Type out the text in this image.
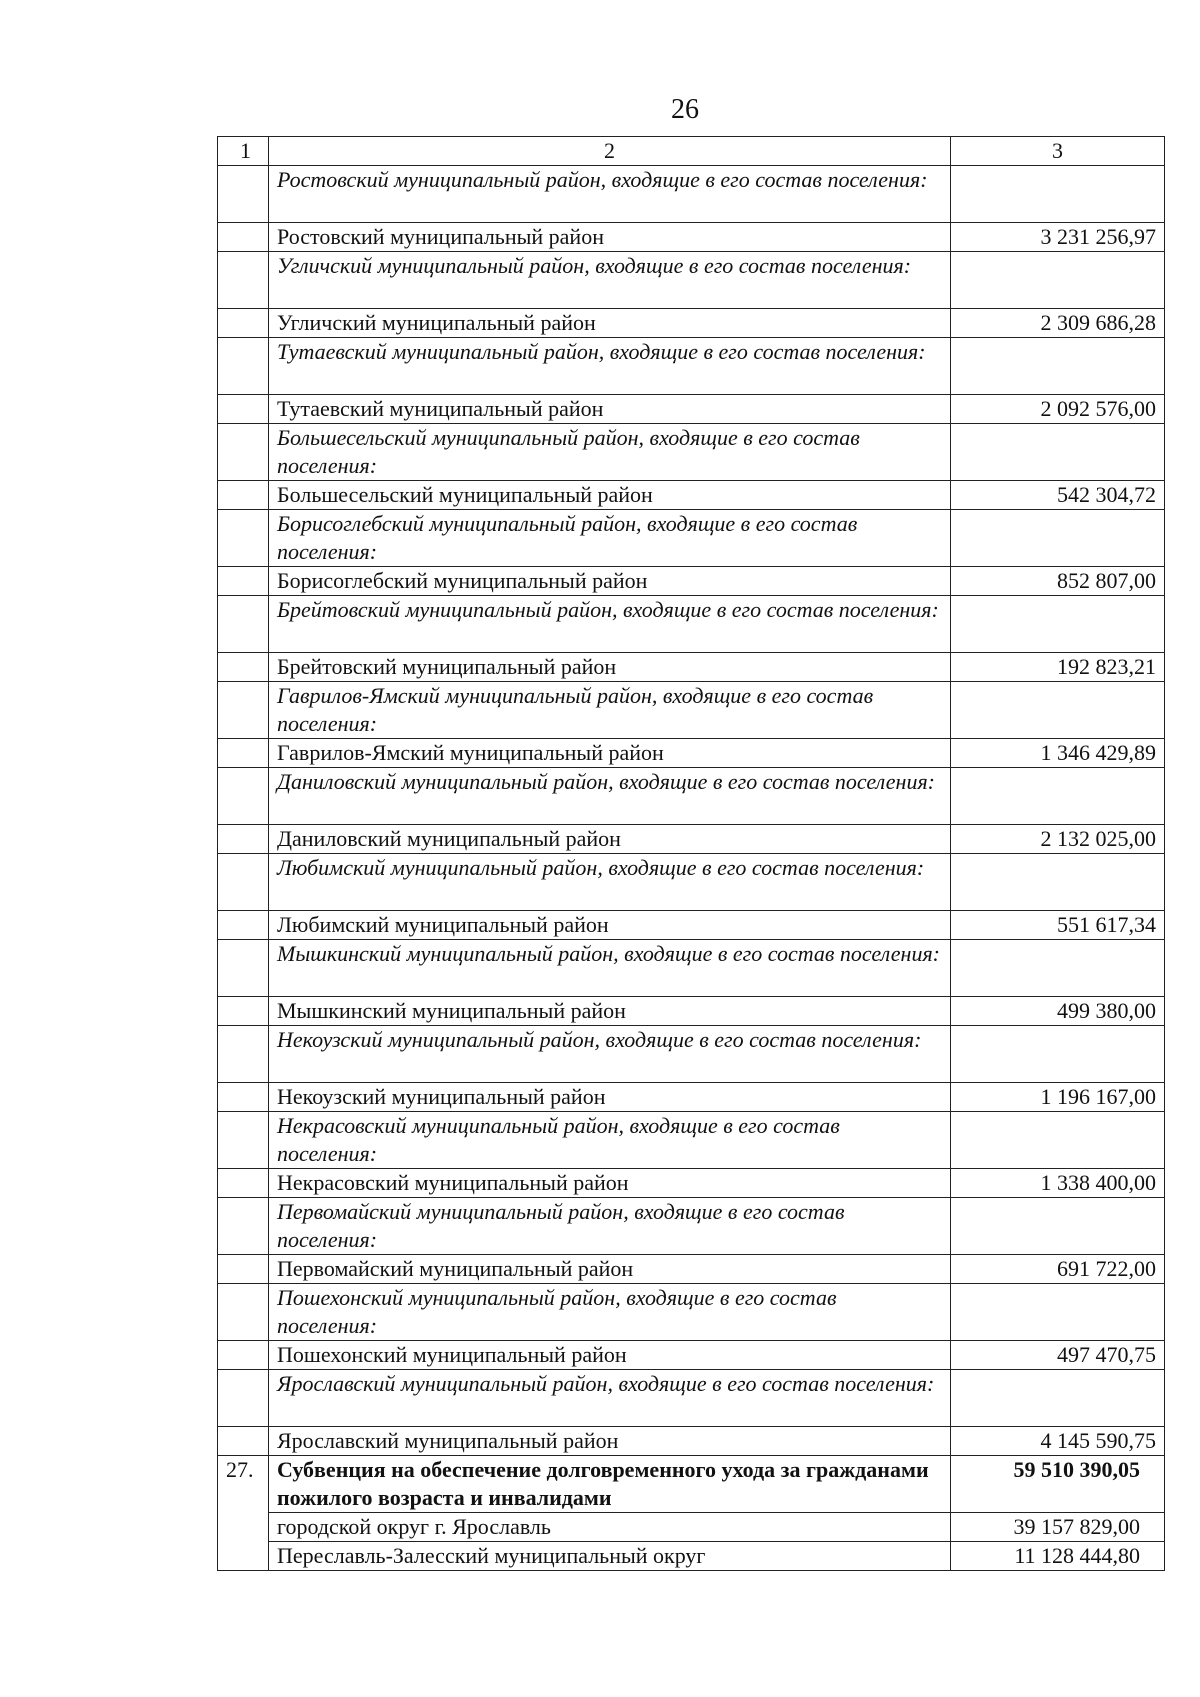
26
1	2	3
	Ростовский муниципальный район, входящие в его состав поселения:	
	Ростовский муниципальный район	3 231 256,97
	Угличский муниципальный район, входящие в его состав поселения:	
	Угличский муниципальный район	2 309 686,28
	Тутаевский муниципальный район, входящие в его состав поселения:	
	Тутаевский муниципальный район	2 092 576,00
	Большесельский муниципальный район, входящие в его состав поселения:	
	Большесельский муниципальный район	542 304,72
	Борисоглебский муниципальный район, входящие в его состав поселения:	
	Борисоглебский муниципальный район	852 807,00
	Брейтовский муниципальный район, входящие в его состав поселения:	
	Брейтовский муниципальный район	192 823,21
	Гаврилов-Ямский муниципальный район, входящие в его состав поселения:	
	Гаврилов-Ямский муниципальный район	1 346 429,89
	Даниловский муниципальный район, входящие в его состав поселения:	
	Даниловский муниципальный район	2 132 025,00
	Любимский муниципальный район, входящие в его состав поселения:	
	Любимский муниципальный район	551 617,34
	Мышкинский муниципальный район, входящие в его состав поселения:	
	Мышкинский муниципальный район	499 380,00
	Некоузский муниципальный район, входящие в его состав поселения:	
	Некоузский муниципальный район	1 196 167,00
	Некрасовский муниципальный район, входящие в его состав поселения:	
	Некрасовский муниципальный район	1 338 400,00
	Первомайский муниципальный район, входящие в его состав поселения:	
	Первомайский муниципальный район	691 722,00
	Пошехонский муниципальный район, входящие в его состав поселения:	
	Пошехонский муниципальный район	497 470,75
	Ярославский муниципальный район, входящие в его состав поселения:	
	Ярославский муниципальный район	4 145 590,75
27.	Субвенция на обеспечение долговременного ухода за гражданами пожилого возраста и инвалидами	59 510 390,05
	городской округ г. Ярославль	39 157 829,00
	Переславль-Залесский муниципальный округ	11 128 444,80
